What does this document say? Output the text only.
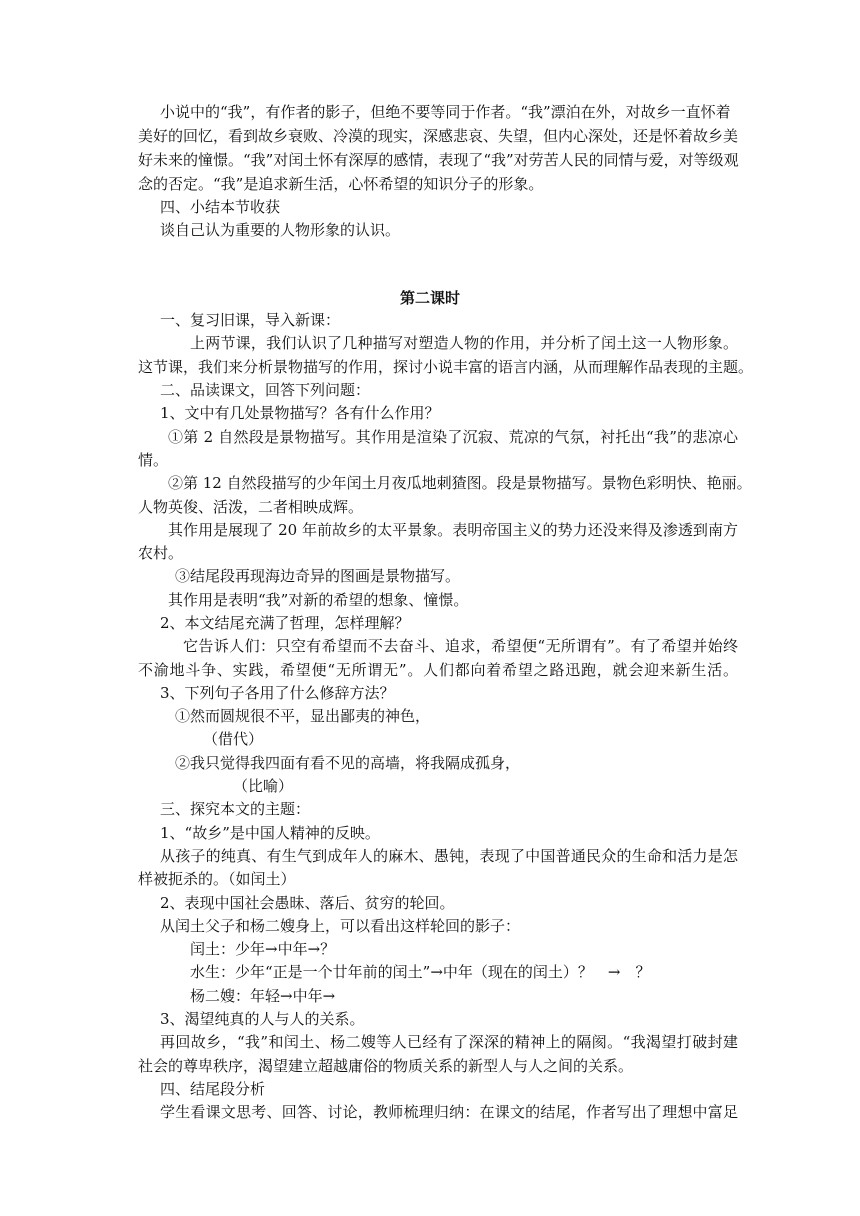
小说中的“我”，有作者的影子，但绝不要等同于作者。“我”漂泊在外，对故乡一直怀着
美好的回忆，看到故乡衰败、冷漠的现实，深感悲哀、失望，但内心深处，还是怀着故乡美
好未来的憧憬。“我”对闰土怀有深厚的感情，表现了“我”对劳苦人民的同情与爱，对等级观
念的否定。“我”是追求新生活，心怀希望的知识分子的形象。
四、小结本节收获
谈自己认为重要的人物形象的认识。
第二课时
一、复习旧课，导入新课：
上两节课，我们认识了几种描写对塑造人物的作用，并分析了闰土这一人物形象。
这节课，我们来分析景物描写的作用，探讨小说丰富的语言内涵，从而理解作品表现的主题。
二、品读课文，回答下列问题：
1、文中有几处景物描写？各有什么作用？
①第 2 自然段是景物描写。其作用是渲染了沉寂、荒凉的气氛，衬托出“我”的悲凉心
情。
②第 12 自然段描写的少年闰土月夜瓜地刺猹图。段是景物描写。景物色彩明快、艳丽。
人物英俊、活泼，二者相映成辉。
其作用是展现了 20 年前故乡的太平景象。表明帝国主义的势力还没来得及渗透到南方
农村。
③结尾段再现海边奇异的图画是景物描写。
其作用是表明“我”对新的希望的想象、憧憬。
2、本文结尾充满了哲理，怎样理解？
它告诉人们：只空有希望而不去奋斗、追求，希望便“无所谓有”。有了希望并始终
不渝地斗争、实践，希望便“无所谓无”。人们都向着希望之路迅跑，就会迎来新生活。
3、下列句子各用了什么修辞方法？
①然而圆规很不平，显出鄙夷的神色，
（借代）
②我只觉得我四面有看不见的高墙，将我隔成孤身，
（比喻）
三、探究本文的主题：
1、“故乡”是中国人精神的反映。
从孩子的纯真、有生气到成年人的麻木、愚钝，表现了中国普通民众的生命和活力是怎
样被扼杀的。（如闰土）
2、表现中国社会愚昧、落后、贫穷的轮回。
从闰土父子和杨二嫂身上，可以看出这样轮回的影子：
闰土：少年→中年→？
水生：少年“正是一个廿年前的闰土”→中年（现在的闰土）？　→　？
杨二嫂：年轻→中年→
3、渴望纯真的人与人的关系。
再回故乡，“我”和闰土、杨二嫂等人已经有了深深的精神上的隔阂。“我渴望打破封建
社会的尊卑秩序，渴望建立超越庸俗的物质关系的新型人与人之间的关系。
四、结尾段分析
学生看课文思考、回答、讨论，教师梳理归纳：在课文的结尾，作者写出了理想中富足
